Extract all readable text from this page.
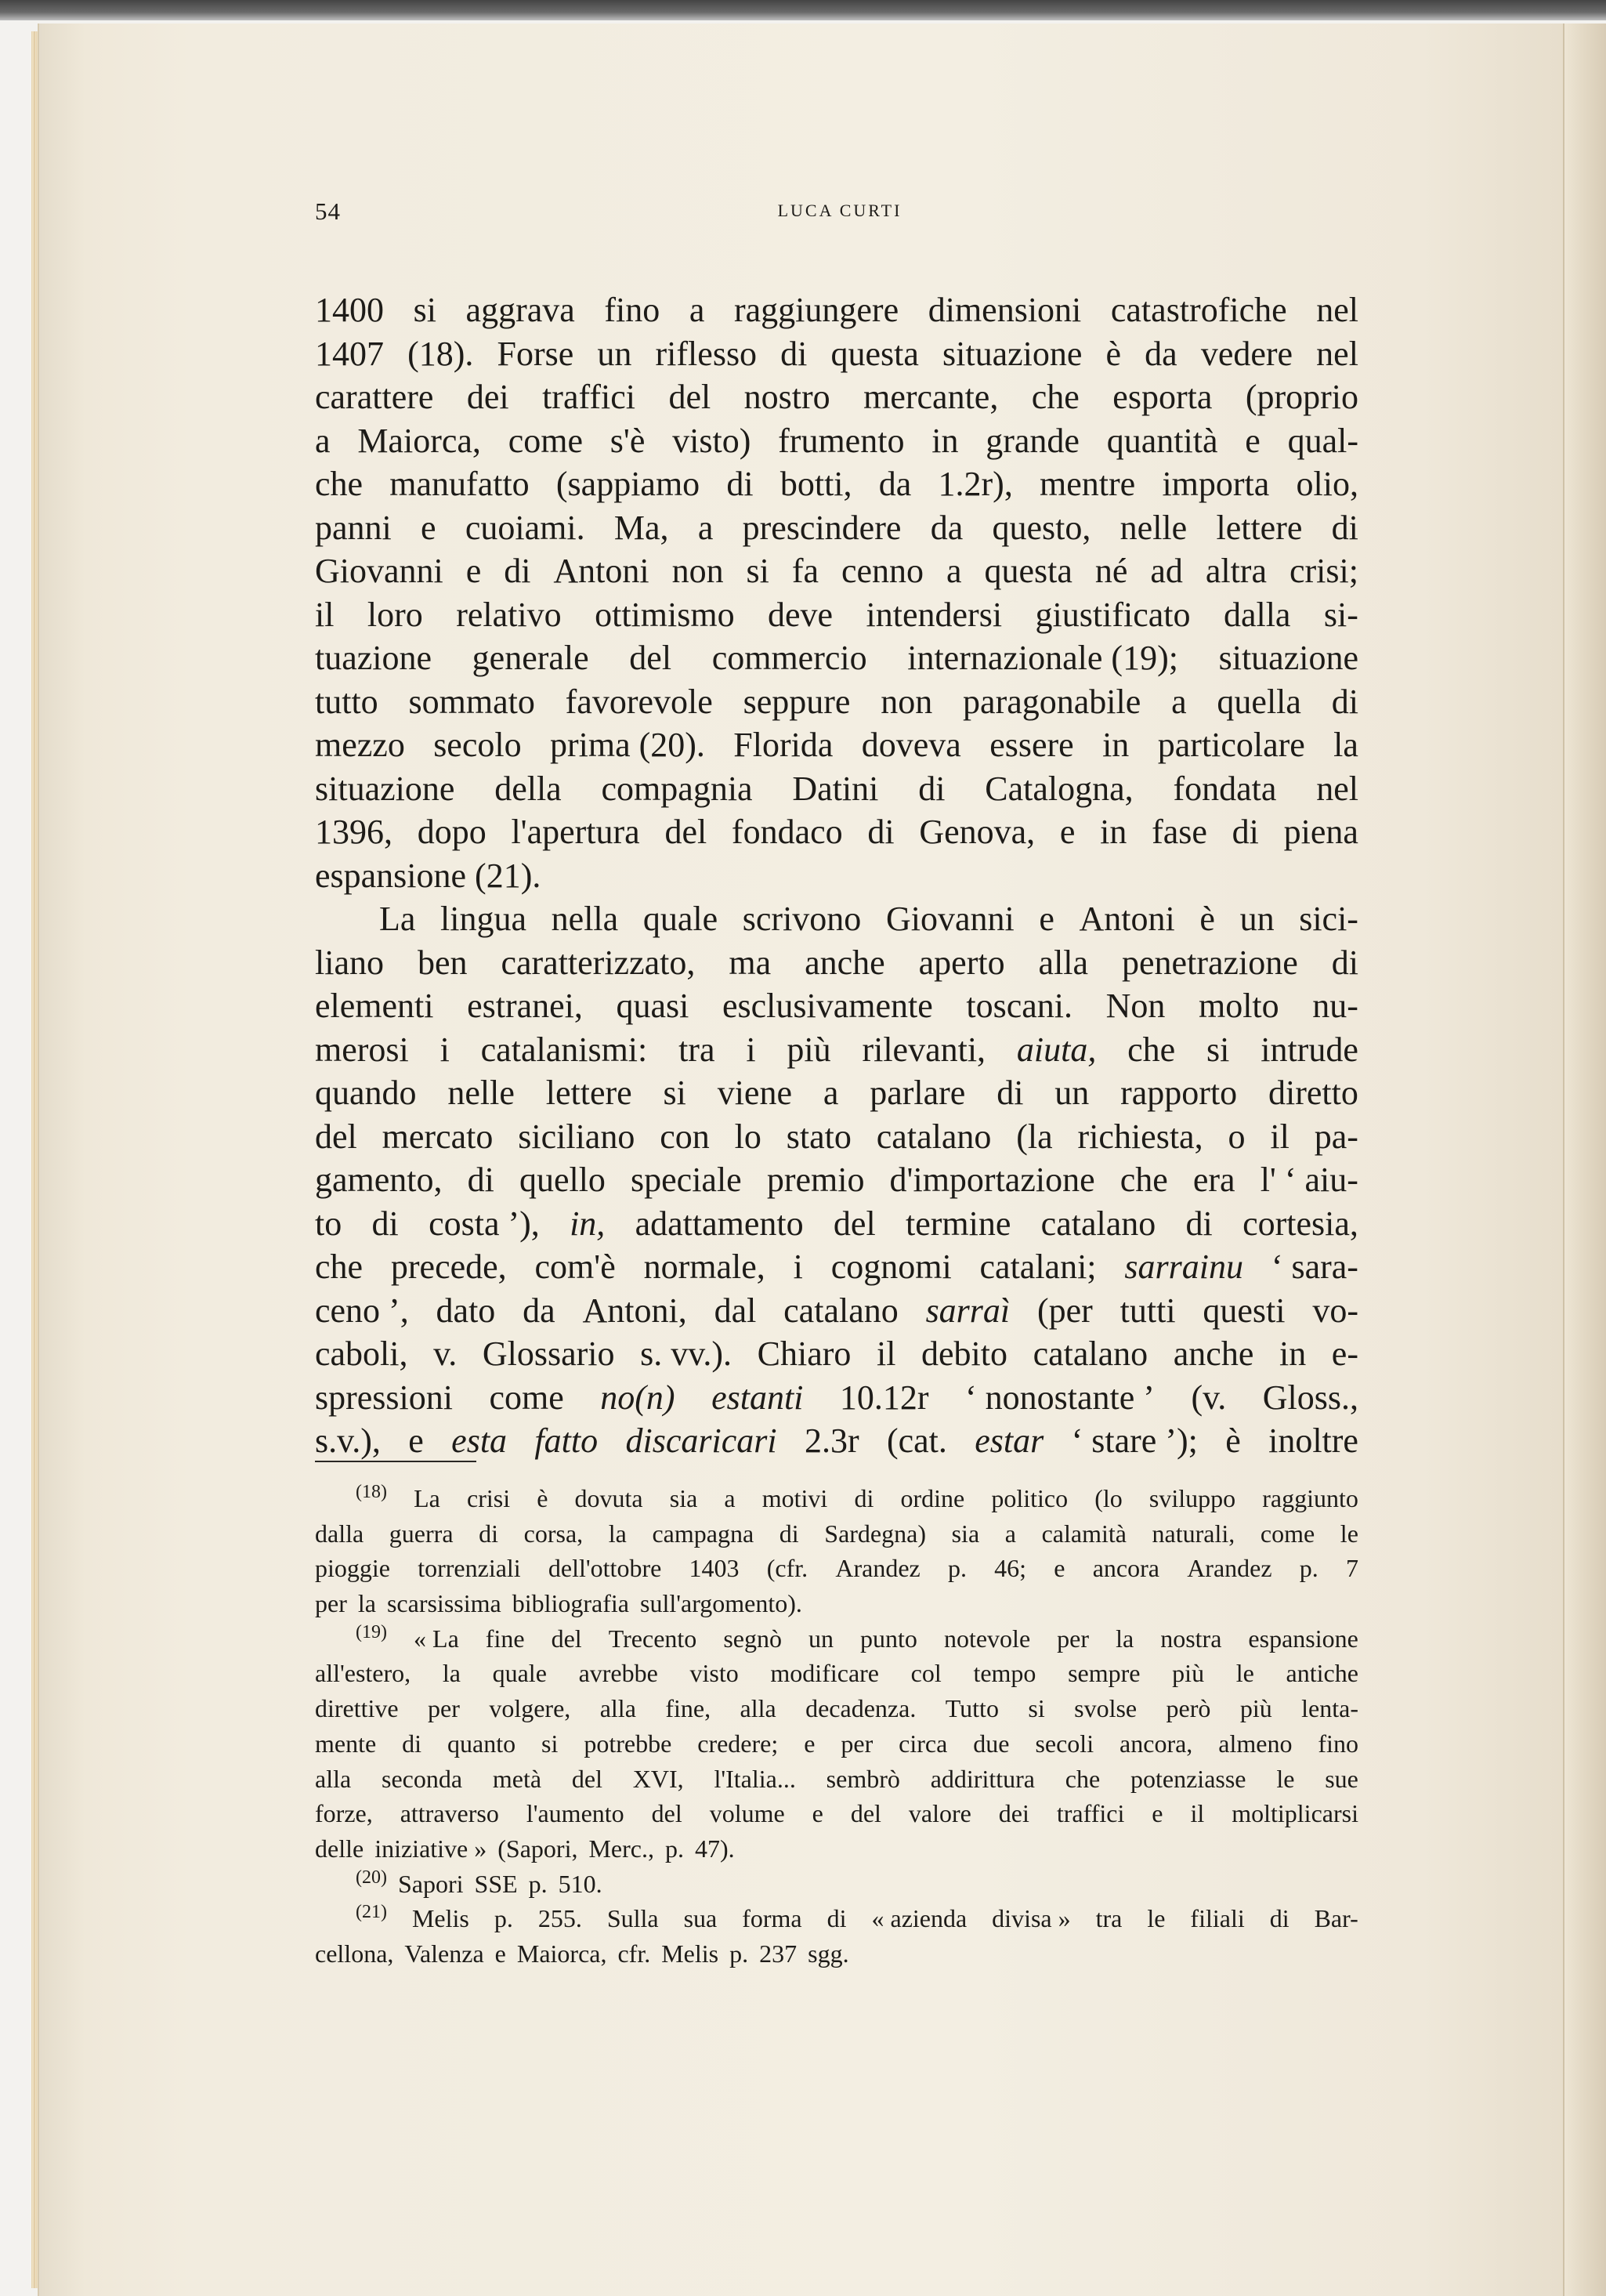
54	LUCA CURTI
1400 si aggrava fino a raggiungere dimensioni catastrofiche nel
1407 (18). Forse un riflesso di questa situazione è da vedere nel
carattere dei traffici del nostro mercante, che esporta (proprio
a Maiorca, come s'è visto) frumento in grande quantità e qual-
che manufatto (sappiamo di botti, da 1.2r), mentre importa olio,
panni e cuoiami. Ma, a prescindere da questo, nelle lettere di
Giovanni e di Antoni non si fa cenno a questa né ad altra crisi;
il loro relativo ottimismo deve intendersi giustificato dalla si-
tuazione generale del commercio internazionale (19); situazione
tutto sommato favorevole seppure non paragonabile a quella di
mezzo secolo prima (20). Florida doveva essere in particolare la
situazione della compagnia Datini di Catalogna, fondata nel
1396, dopo l'apertura del fondaco di Genova, e in fase di piena
espansione (21).
La lingua nella quale scrivono Giovanni e Antoni è un sici-
liano ben caratterizzato, ma anche aperto alla penetrazione di
elementi estranei, quasi esclusivamente toscani. Non molto nu-
merosi i catalanismi: tra i più rilevanti, aiuta, che si intrude
quando nelle lettere si viene a parlare di un rapporto diretto
del mercato siciliano con lo stato catalano (la richiesta, o il pa-
gamento, di quello speciale premio d'importazione che era l' ‘ aiu-
to di costa ’), in, adattamento del termine catalano di cortesia,
che precede, com'è normale, i cognomi catalani; sarrainu ‘ sara-
ceno ’, dato da Antoni, dal catalano sarraì (per tutti questi vo-
caboli, v. Glossario s. vv.). Chiaro il debito catalano anche in e-
spressioni come no(n) estanti 10.12r ‘ nonostante ’ (v. Gloss.,
s.v.), e esta fatto discaricari 2.3r (cat. estar ‘ stare ’); è inoltre
(18) La crisi è dovuta sia a motivi di ordine politico (lo sviluppo raggiunto
dalla guerra di corsa, la campagna di Sardegna) sia a calamità naturali, come le
pioggie torrenziali dell'ottobre 1403 (cfr. Arandez p. 46; e ancora Arandez p. 7
per la scarsissima bibliografia sull'argomento).
(19) « La fine del Trecento segnò un punto notevole per la nostra espansione
all'estero, la quale avrebbe visto modificare col tempo sempre più le antiche
direttive per volgere, alla fine, alla decadenza. Tutto si svolse però più lenta-
mente di quanto si potrebbe credere; e per circa due secoli ancora, almeno fino
alla seconda metà del XVI, l'Italia... sembrò addirittura che potenziasse le sue
forze, attraverso l'aumento del volume e del valore dei traffici e il moltiplicarsi
delle iniziative » (Sapori, Merc., p. 47).
(20) Sapori SSE p. 510.
(21) Melis p. 255. Sulla sua forma di « azienda divisa » tra le filiali di Bar-
cellona, Valenza e Maiorca, cfr. Melis p. 237 sgg.
